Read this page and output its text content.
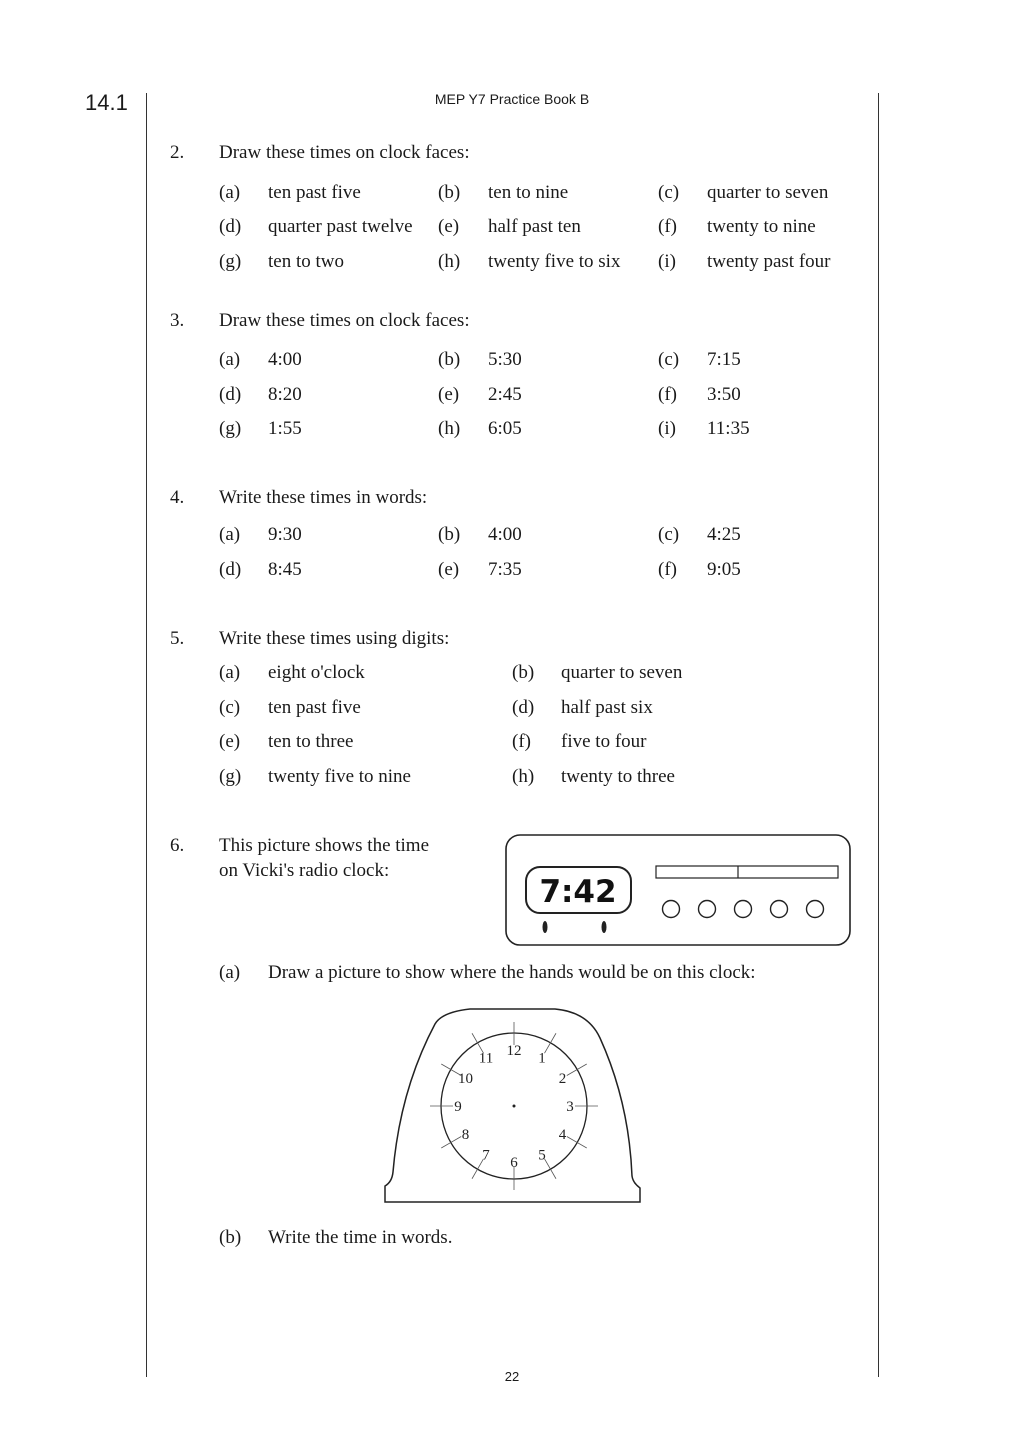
14.1	MEP Y7 Practice Book B
2. Draw these times on clock faces:
(a) ten past five	(b) ten to nine	(c) quarter to seven
(d) quarter past twelve (e) half past ten	(f) twenty to nine
(g) ten to two	(h) twenty five to six (i) twenty past four
3. Draw these times on clock faces:
(a) 4:00	(b) 5:30	(c) 7:15
(d) 8:20	(e) 2:45	(f) 3:50
(g) 1:55	(h) 6:05	(i) 11:35
4. Write these times in words:
(a) 9:30	(b) 4:00	(c) 4:25
(d) 8:45	(e) 7:35	(f) 9:05
5. Write these times using digits:
(a) eight o'clock	(b) quarter to seven
(c) ten past five	(d) half past six
(e) ten to three	(f) five to four
(g) twenty five to nine	(h) twenty to three
6. This picture shows the time
on Vicki's radio clock:
7:42
(a) Draw a picture to show where the hands would be on this clock:
12 1
2
3
4
5
6
7
8
9
10
11
(b) Write the time in words.
22
